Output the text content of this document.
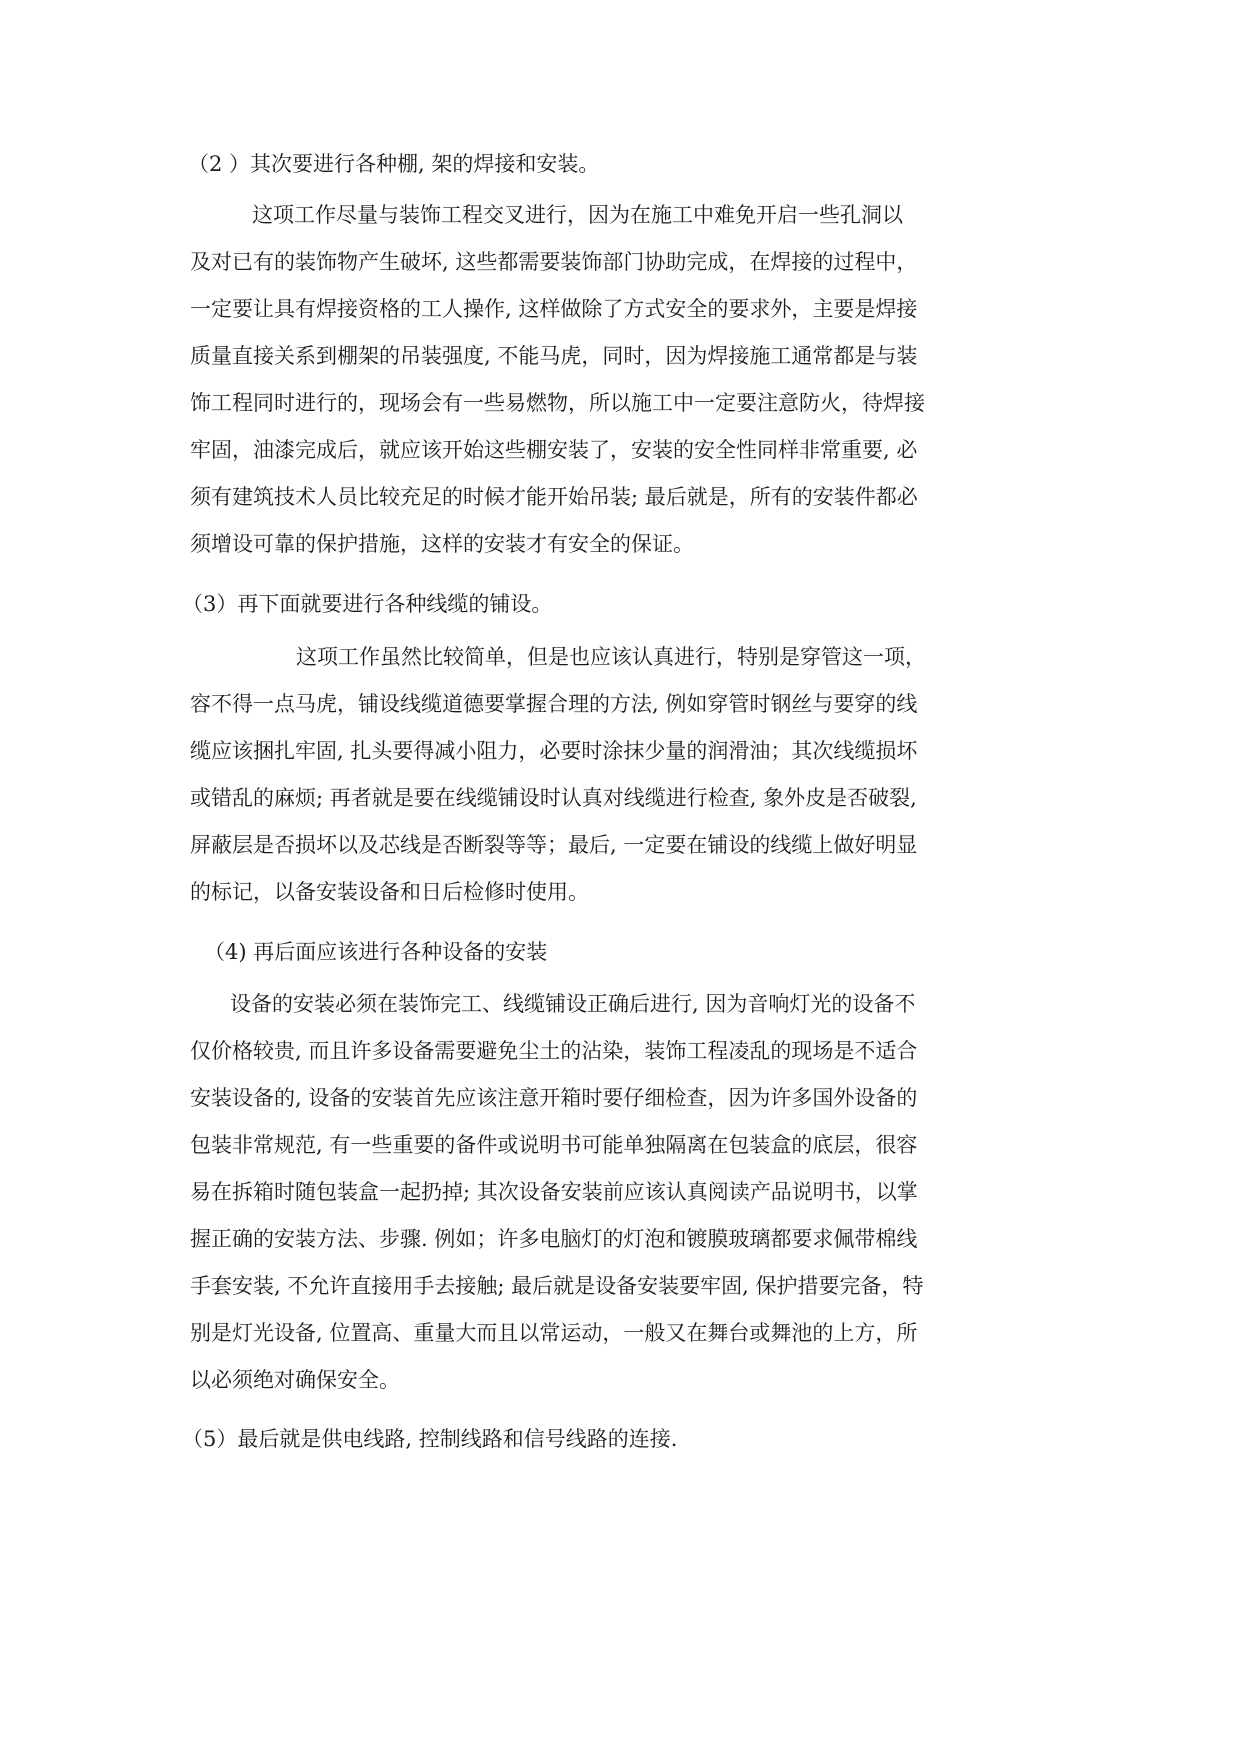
（2 ）其次要进行各种棚, 架的焊接和安装。
这项工作尽量与装饰工程交叉进行，因为在施工中难免开启一些孔洞以
及对已有的装饰物产生破坏, 这些都需要装饰部门协助完成，在焊接的过程中，
一定要让具有焊接资格的工人操作, 这样做除了方式安全的要求外，主要是焊接
质量直接关系到棚架的吊装强度, 不能马虎，同时，因为焊接施工通常都是与装
饰工程同时进行的，现场会有一些易燃物，所以施工中一定要注意防火，待焊接
牢固，油漆完成后，就应该开始这些棚安装了，安装的安全性同样非常重要, 必
须有建筑技术人员比较充足的时候才能开始吊装; 最后就是，所有的安装件都必
须增设可靠的保护措施，这样的安装才有安全的保证。
（3）再下面就要进行各种线缆的铺设。
这项工作虽然比较简单，但是也应该认真进行，特别是穿管这一项，
容不得一点马虎，铺设线缆道德要掌握合理的方法, 例如穿管时钢丝与要穿的线
缆应该捆扎牢固, 扎头要得减小阻力，必要时涂抹少量的润滑油；其次线缆损坏
或错乱的麻烦; 再者就是要在线缆铺设时认真对线缆进行检查, 象外皮是否破裂,
屏蔽层是否损坏以及芯线是否断裂等等；最后, 一定要在铺设的线缆上做好明显
的标记，以备安装设备和日后检修时使用。
（4) 再后面应该进行各种设备的安装
设备的安装必须在装饰完工、线缆铺设正确后进行, 因为音响灯光的设备不
仅价格较贵, 而且许多设备需要避免尘土的沾染，装饰工程凌乱的现场是不适合
安装设备的, 设备的安装首先应该注意开箱时要仔细检查，因为许多国外设备的
包装非常规范, 有一些重要的备件或说明书可能单独隔离在包装盒的底层，很容
易在拆箱时随包装盒一起扔掉; 其次设备安装前应该认真阅读产品说明书，以掌
握正确的安装方法、步骤. 例如；许多电脑灯的灯泡和镀膜玻璃都要求佩带棉线
手套安装, 不允许直接用手去接触; 最后就是设备安装要牢固, 保护措要完备，特
别是灯光设备, 位置高、重量大而且以常运动，一般又在舞台或舞池的上方，所
以必须绝对确保安全。
（5）最后就是供电线路, 控制线路和信号线路的连接.
